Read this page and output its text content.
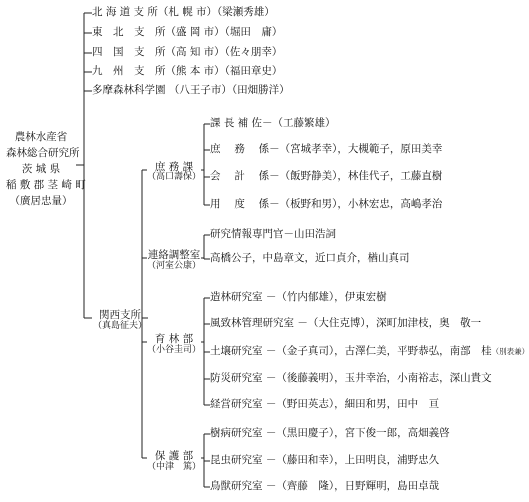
農林水産省
森林総合研究所
茨 城 県
稲 敷 郡 茎 崎 町
（廣居忠量）
北 海 道 支 所（札 幌 市）（梁瀬秀雄）
東　北　支　所（盛 岡 市）（堀田　庸）
四　国　支　所（高 知 市）（佐々朋幸）
九　州　支　所（熊 本 市）（福田章史）
多摩森林科学園 （八王子市）（田畑勝洋）
関西支所
（真島征夫）
庶 務 課
（高口壽保）
課 長 補 佐－（工藤繁雄）
庶　 務　 係－（宮城孝幸），大槻範子，原田美幸
会　 計　 係－（飯野静美），林佳代子，工藤直樹
用　 度　 係－（板野和男），小林宏忠，高嶋孝治
連絡調整室
（河室公康）
研究情報専門官－山田浩詞
高橋公子，中島章文，近口貞介，楢山真司
育 林 部
（小谷圭司）
造林研究室 －（竹内郁雄），伊東宏樹
風致林管理研究室 －（大住克博），深町加津枝，奥　敬一
土壌研究室 －（金子真司），古澤仁美，平野恭弘，南部　桂（別表兼）
防災研究室 －（後藤義明），玉井幸治，小南裕志，深山貴文
経営研究室 －（野田英志），細田和男，田中　亘
保 護 部
（中津　篤）
樹病研究室 －（黒田慶子），宮下俊一郎，高畑義啓
昆虫研究室 －（藤田和幸），上田明良，浦野忠久
鳥獣研究室 －（齊藤　隆），日野輝明，島田卓哉
